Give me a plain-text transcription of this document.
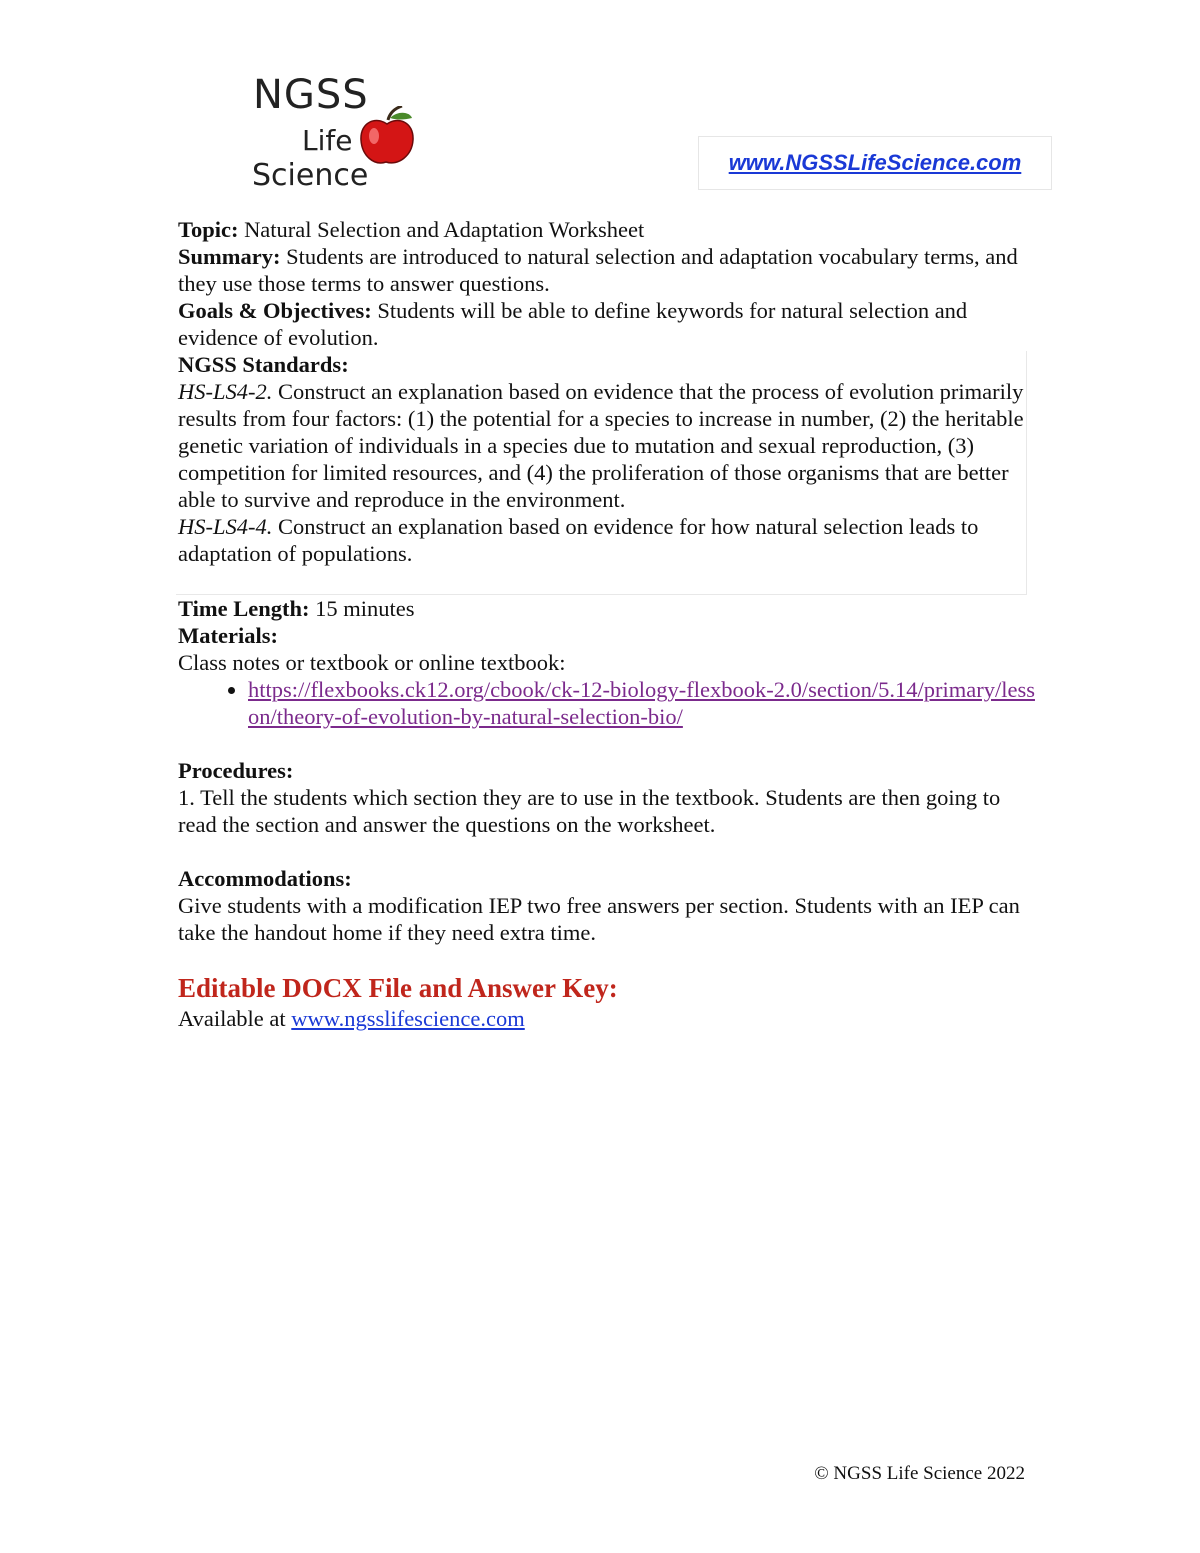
NGSS
Life
Science	www.NGSSLifeScience.com

Topic: Natural Selection and Adaptation Worksheet

Summary: Students are introduced to natural selection and adaptation vocabulary terms, and they use those terms to answer questions.

Goals & Objectives: Students will be able to define keywords for natural selection and evidence of evolution.

NGSS Standards:

HS-LS4-2. Construct an explanation based on evidence that the process of evolution primarily results from four factors: (1) the potential for a species to increase in number, (2) the heritable genetic variation of individuals in a species due to mutation and sexual reproduction, (3) competition for limited resources, and (4) the proliferation of those organisms that are better able to survive and reproduce in the environment.

HS-LS4-4. Construct an explanation based on evidence for how natural selection leads to adaptation of populations.

Time Length: 15 minutes

Materials:

Class notes or textbook or online textbook:

• https://flexbooks.ck12.org/cbook/ck-12-biology-flexbook-2.0/section/5.14/primary/lesson/theory-of-evolution-by-natural-selection-bio/

Procedures:

1. Tell the students which section they are to use in the textbook. Students are then going to read the section and answer the questions on the worksheet.

Accommodations:

Give students with a modification IEP two free answers per section. Students with an IEP can take the handout home if they need extra time.

Editable DOCX File and Answer Key:

Available at www.ngsslifescience.com

© NGSS Life Science 2022
